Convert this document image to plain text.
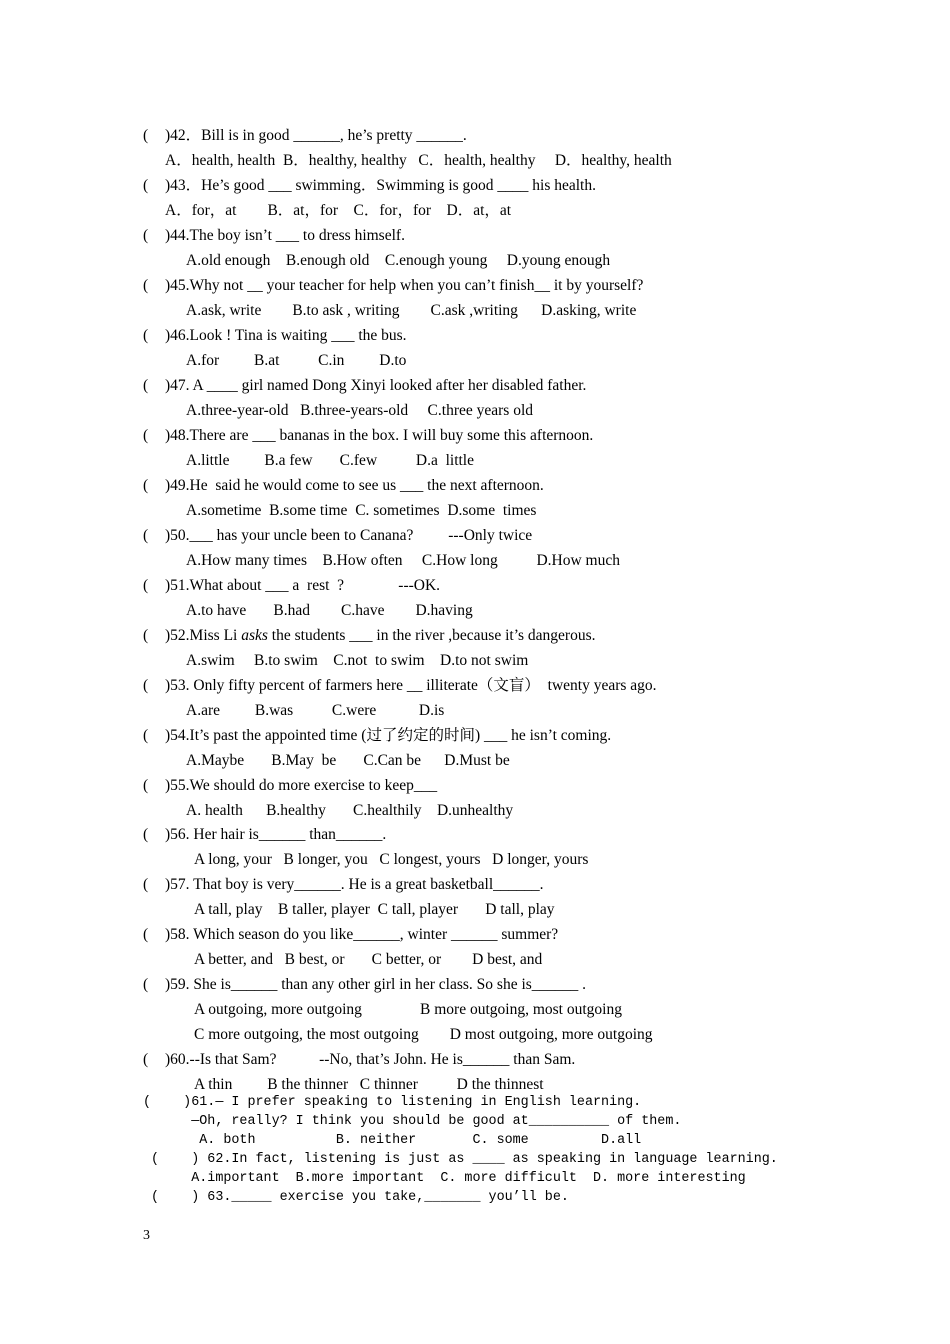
( )42．Bill is in good ______, he’s pretty ______.
A．health, health  B．healthy, healthy   C．health, healthy     D．healthy, health
( )43．He’s good ___ swimming．Swimming is good ____ his health.
A．for，at        B．at，for    C．for，for    D．at，at
( )44.The boy isn’t ___ to dress himself.
A.old enough    B.enough old    C.enough young     D.young enough
( )45.Why not __ your teacher for help when you can’t finish__ it by yourself?
A.ask, write        B.to ask , writing        C.ask ,writing      D.asking, write
( )46.Look ! Tina is waiting ___ the bus.
A.for         B.at          C.in         D.to
( )47. A ____ girl named Dong Xinyi looked after her disabled father.
A.three-year-old   B.three-years-old     C.three years old
( )48.There are ___ bananas in the box. I will buy some this afternoon.
A.little         B.a few       C.few          D.a  little
( )49.He  said he would come to see us ___ the next afternoon.
A.sometime  B.some time  C. sometimes  D.some  times
( )50.___ has your uncle been to Canana?         ---Only twice
A.How many times    B.How often     C.How long          D.How much
( )51.What about ___ a  rest  ?              ---OK.
A.to have       B.had        C.have        D.having
( )52.Miss Li asks the students ___ in the river ,because it’s dangerous.
A.swim     B.to swim    C.not  to swim    D.to not swim
( )53. Only fifty percent of farmers here __ illiterate（文盲）  twenty years ago.
A.are         B.was          C.were           D.is
( )54.It’s past the appointed time (过了约定的时间) ___ he isn’t coming.
A.Maybe       B.May  be       C.Can be      D.Must be
( )55.We should do more exercise to keep___
A. health      B.healthy       C.healthily    D.unhealthy
( )56. Her hair is______ than______.
A long, your   B longer, you   C longest, yours   D longer, yours
( )57. That boy is very______. He is a great basketball______.
A tall, play    B taller, player  C tall, player       D tall, play
( )58. Which season do you like______, winter ______ summer?
A better, and   B best, or       C better, or        D best, and
( )59. She is______ than any other girl in her class. So she is______ .
A outgoing, more outgoing               B more outgoing, most outgoing
C more outgoing, the most outgoing        D most outgoing, more outgoing
( )60.--Is that Sam?           --No, that’s John. He is______ than Sam.
A thin         B the thinner   C thinner          D the thinnest
(    )61.— I prefer speaking to listening in English learning.
—Oh, really? I think you should be good at__________ of them.
A. both          B. neither       C. some         D.all
(    ) 62.In fact, listening is just as ____ as speaking in language learning.
A.important  B.more important  C. more difficult  D. more interesting
(    ) 63._____ exercise you take,_______ you’ll be.
3
